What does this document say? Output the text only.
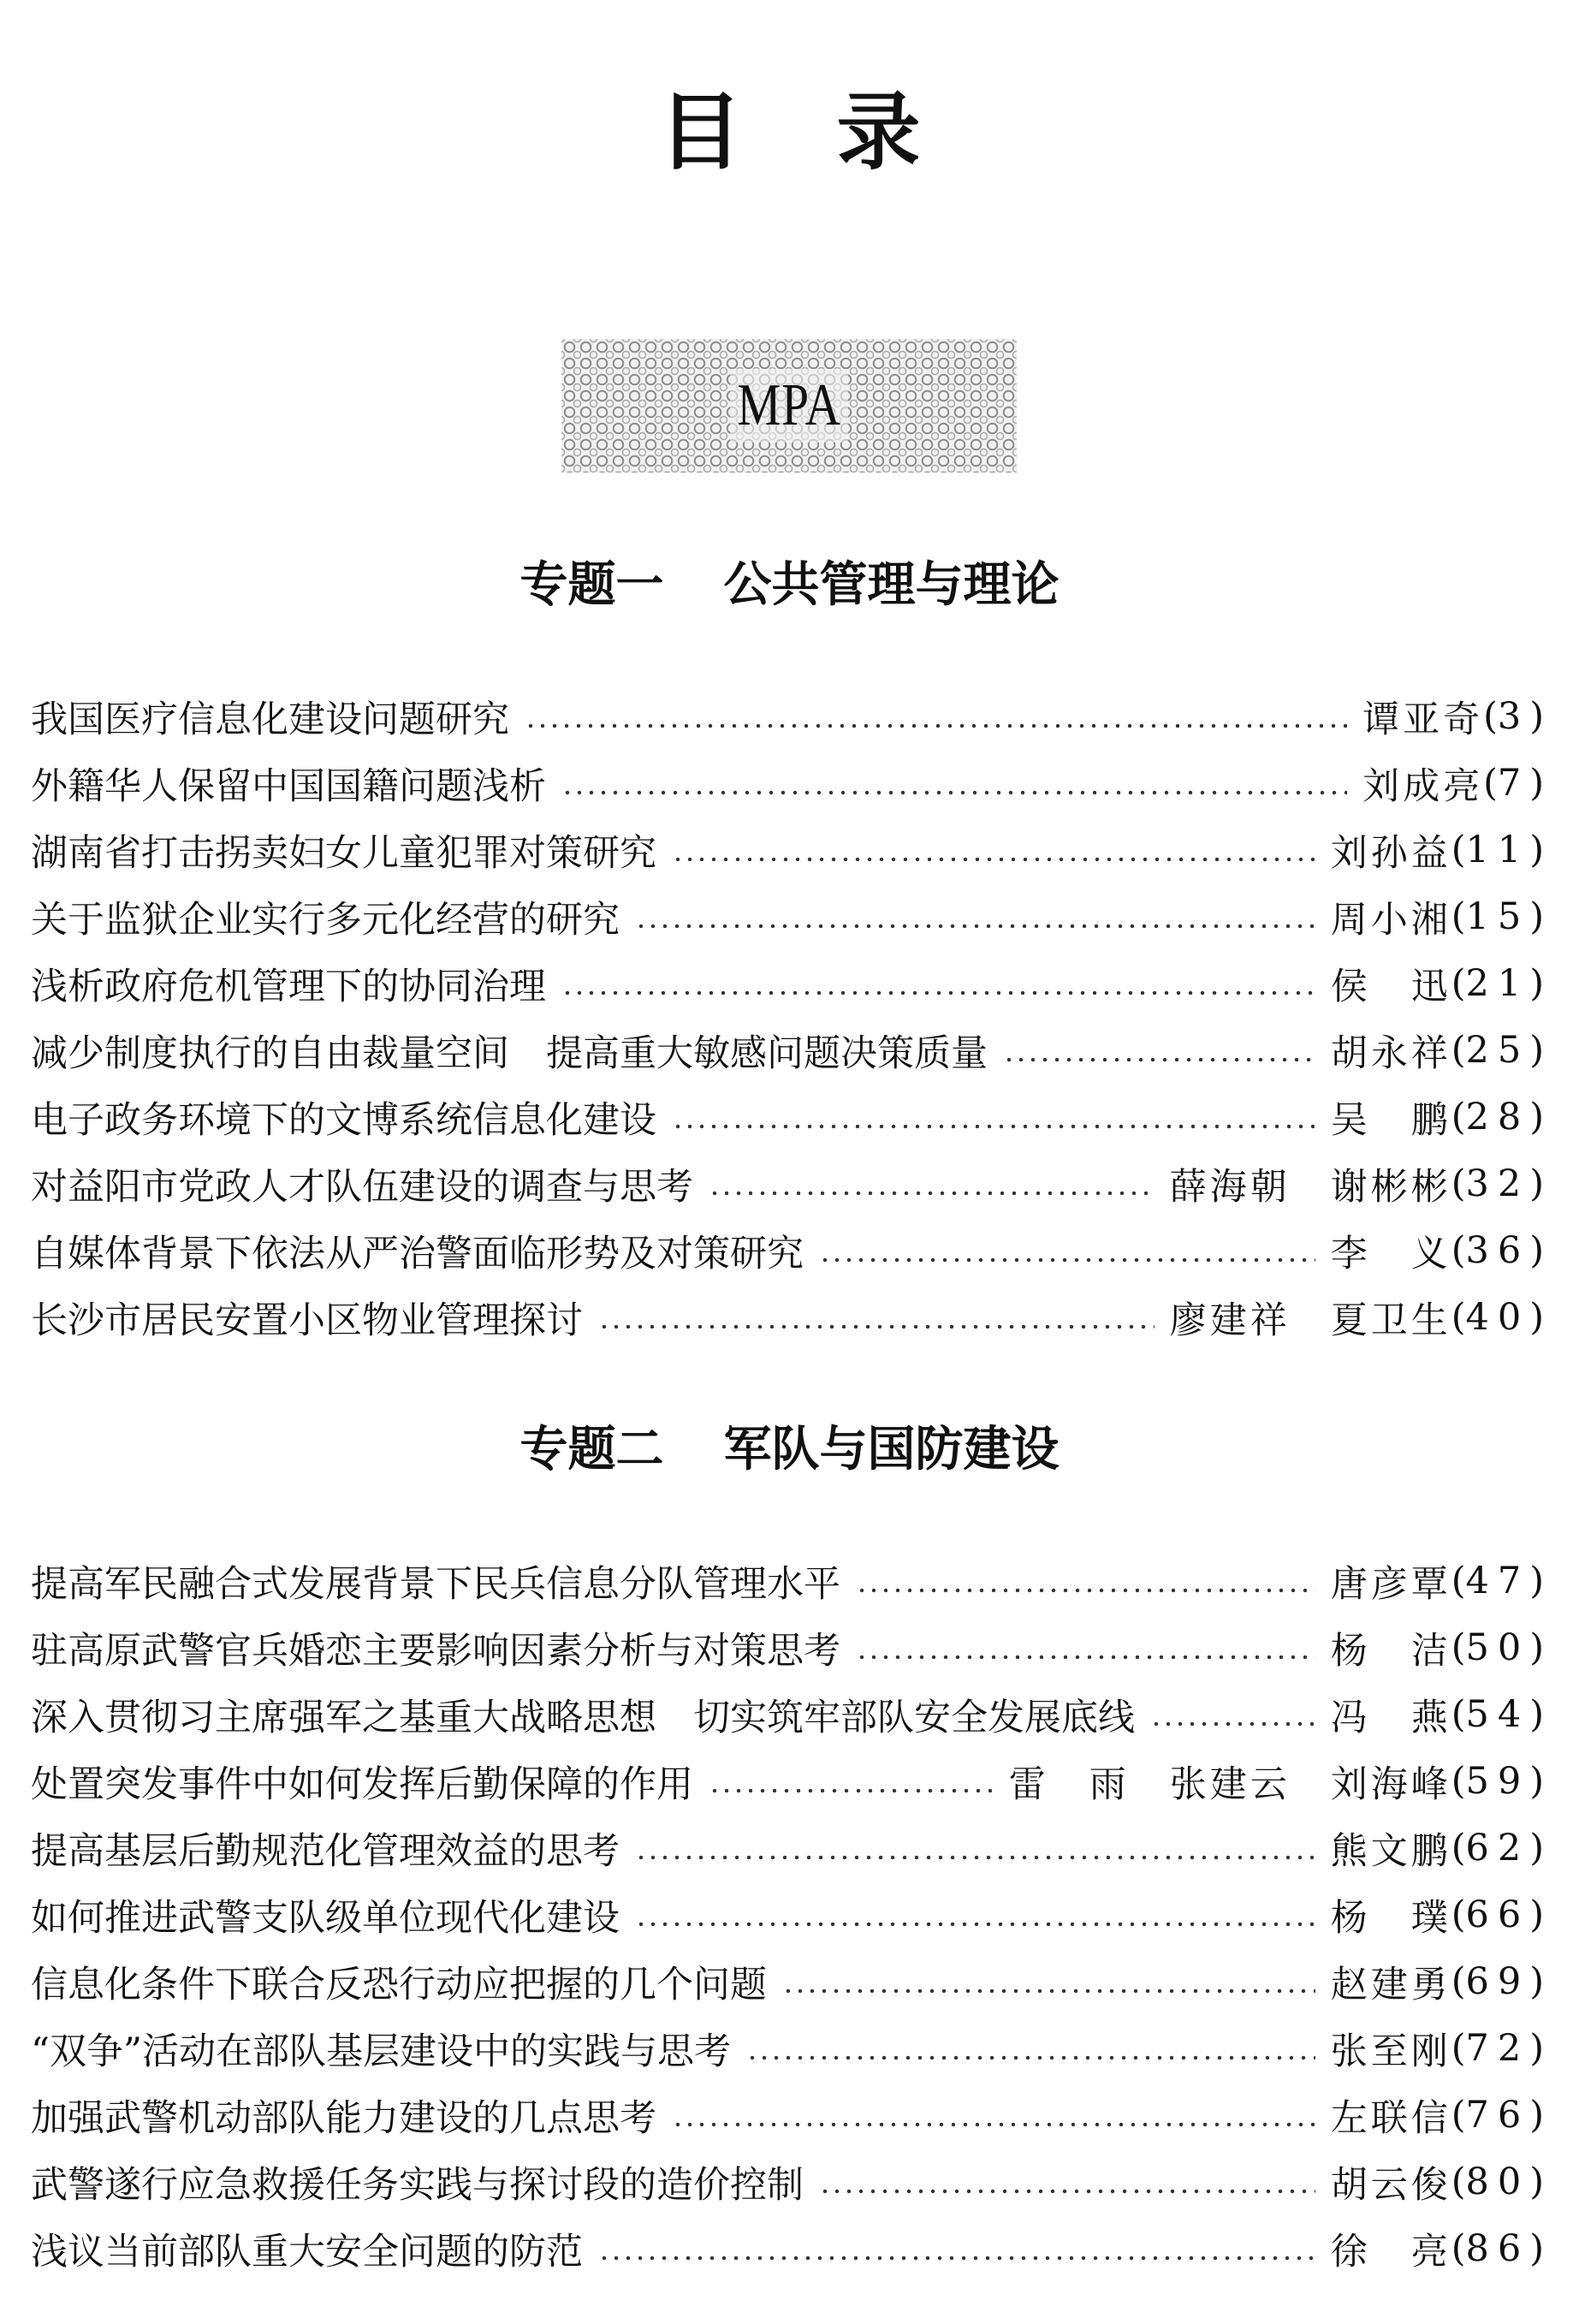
目录
MPA
专题一 公共管理与理论
我国医疗信息化建设问题研究	谭亚奇 (3)
外籍华人保留中国国籍问题浅析	刘成亮 (7)
湖南省打击拐卖妇女儿童犯罪对策研究	刘孙益 (11)
关于监狱企业实行多元化经营的研究	周小湘 (15)
浅析政府危机管理下的协同治理	侯　迅 (21)
减少制度执行的自由裁量空间　提高重大敏感问题决策质量	胡永祥 (25)
电子政务环境下的文博系统信息化建设	吴　鹏 (28)
对益阳市党政人才队伍建设的调查与思考	薛海朝　谢彬彬 (32)
自媒体背景下依法从严治警面临形势及对策研究	李　义 (36)
长沙市居民安置小区物业管理探讨	廖建祥　夏卫生 (40)
专题二 军队与国防建设
提高军民融合式发展背景下民兵信息分队管理水平	唐彦覃 (47)
驻高原武警官兵婚恋主要影响因素分析与对策思考	杨　洁 (50)
深入贯彻习主席强军之基重大战略思想　切实筑牢部队安全发展底线	冯　燕 (54)
处置突发事件中如何发挥后勤保障的作用	雷　雨　张建云　刘海峰 (59)
提高基层后勤规范化管理效益的思考	熊文鹏 (62)
如何推进武警支队级单位现代化建设	杨　璞 (66)
信息化条件下联合反恐行动应把握的几个问题	赵建勇 (69)
“双争”活动在部队基层建设中的实践与思考	张至刚 (72)
加强武警机动部队能力建设的几点思考	左联信 (76)
武警遂行应急救援任务实践与探讨段的造价控制	胡云俊 (80)
浅议当前部队重大安全问题的防范	徐　亮 (86)
